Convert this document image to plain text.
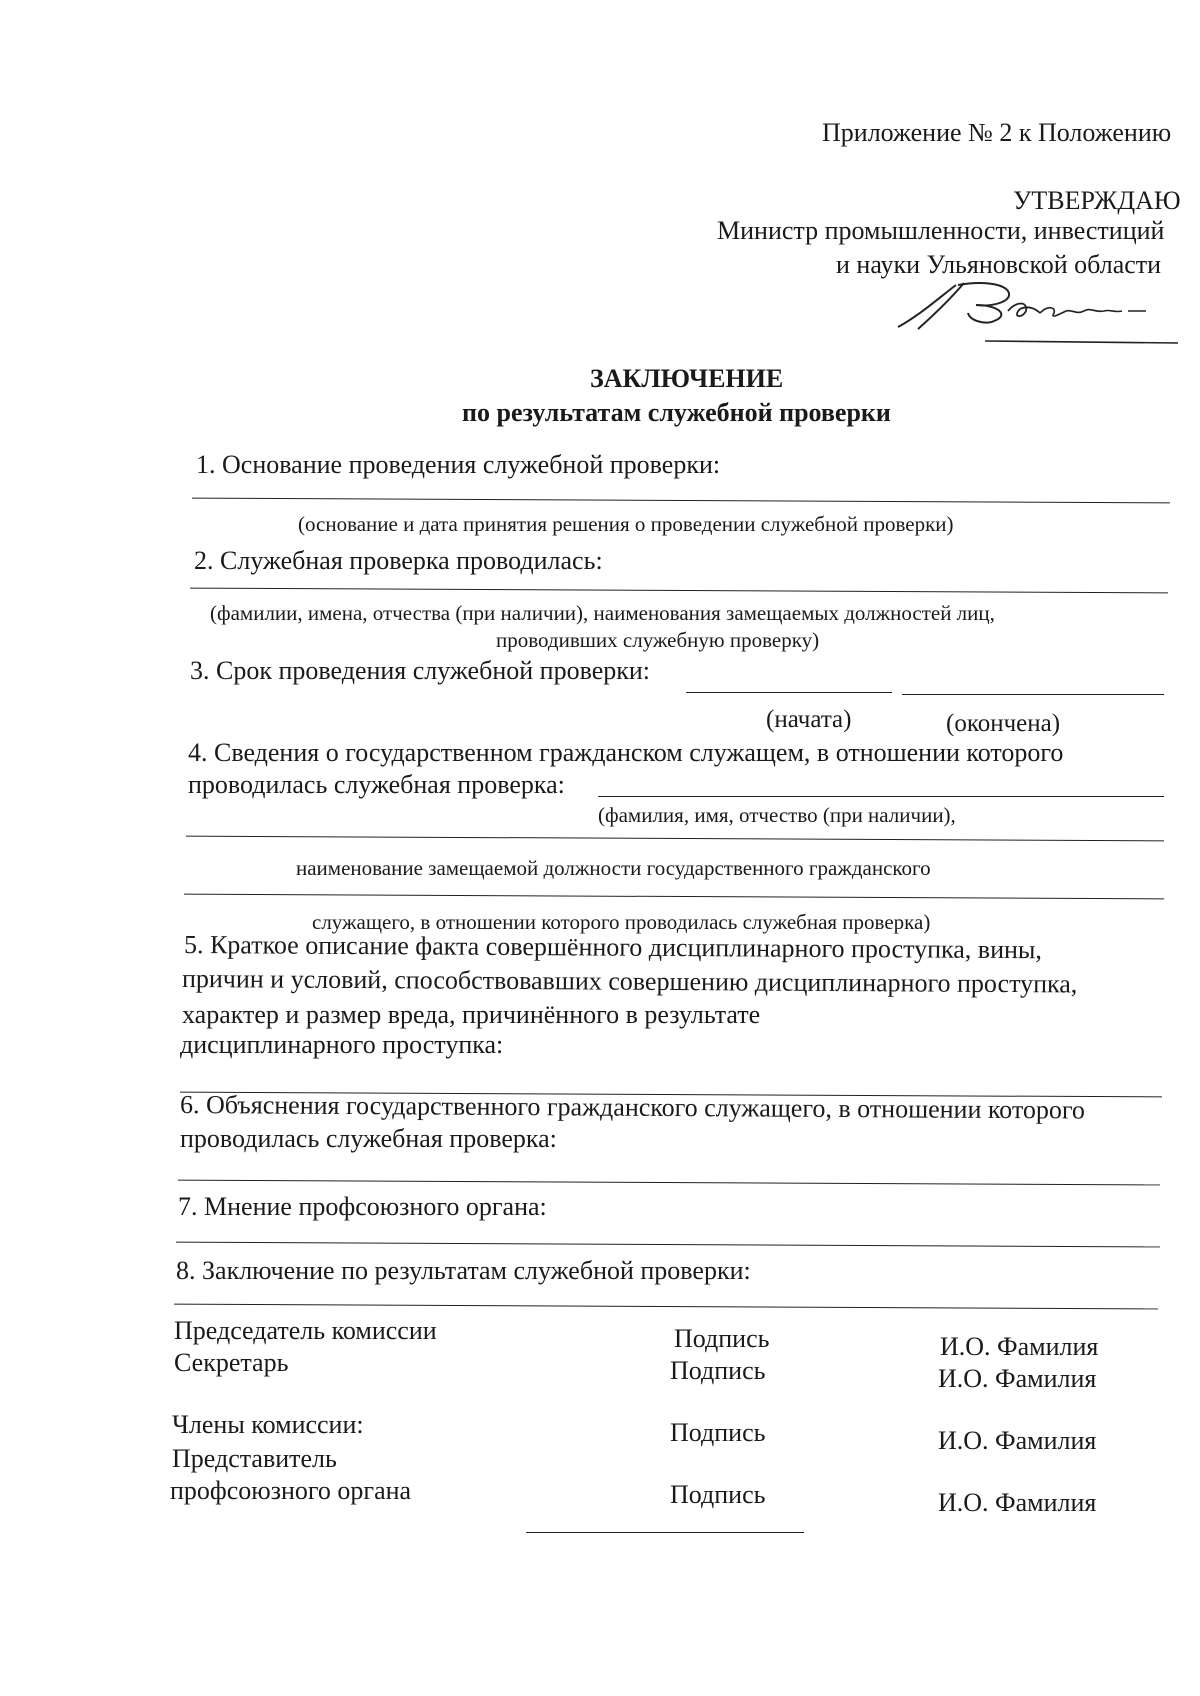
Приложение № 2 к Положению
УТВЕРЖДАЮ
Министр промышленности, инвестиций
и науки Ульяновской области
ЗАКЛЮЧЕНИЕ
по результатам служебной проверки
1. Основание проведения служебной проверки:
(основание и дата принятия решения о проведении служебной проверки)
2. Служебная проверка проводилась:
(фамилии, имена, отчества (при наличии), наименования замещаемых должностей лиц,
проводивших служебную проверку)
3. Срок проведения служебной проверки:
(начата)	(окончена)
4. Сведения о государственном гражданском служащем, в отношении которого
проводилась служебная проверка:
(фамилия, имя, отчество (при наличии),
наименование замещаемой должности государственного гражданского
служащего, в отношении которого проводилась служебная проверка)
5. Краткое описание факта совершённого дисциплинарного проступка, вины,
причин и условий, способствовавших совершению дисциплинарного проступка,
характер и размер вреда, причинённого в результате
дисциплинарного проступка:
6. Объяснения государственного гражданского служащего, в отношении которого
проводилась служебная проверка:
7. Мнение профсоюзного органа:
8. Заключение по результатам служебной проверки:
Председатель комиссии	Подпись	И.О. Фамилия
Секретарь	Подпись	И.О. Фамилия
Члены комиссии:	Подпись	И.О. Фамилия
Представитель
профсоюзного органа	Подпись	И.О. Фамилия
